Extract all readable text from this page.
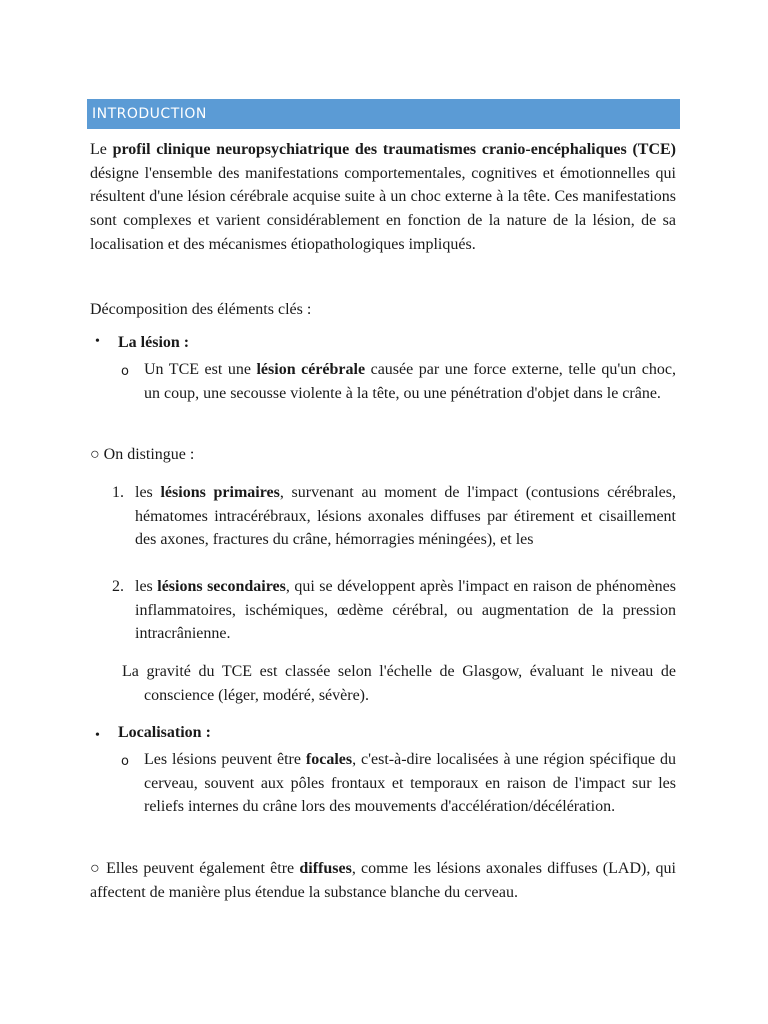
INTRODUCTION

Le profil clinique neuropsychiatrique des traumatismes cranio-encéphaliques (TCE) désigne l'ensemble des manifestations comportementales, cognitives et émotionnelles qui résultent d'une lésion cérébrale acquise suite à un choc externe à la tête. Ces manifestations sont complexes et varient considérablement en fonction de la nature de la lésion, de sa localisation et des mécanismes étiopathologiques impliqués.

Décomposition des éléments clés :

• La lésion :

o Un TCE est une lésion cérébrale causée par une force externe, telle qu'un choc, un coup, une secousse violente à la tête, ou une pénétration d'objet dans le crâne.

○ On distingue :

1. les lésions primaires, survenant au moment de l'impact (contusions cérébrales, hématomes intracérébraux, lésions axonales diffuses par étirement et cisaillement des axones, fractures du crâne, hémorragies méningées), et les

2. les lésions secondaires, qui se développent après l'impact en raison de phénomènes inflammatoires, ischémiques, œdème cérébral, ou augmentation de la pression intracrânienne.

La gravité du TCE est classée selon l'échelle de Glasgow, évaluant le niveau de conscience (léger, modéré, sévère).

• Localisation :

o Les lésions peuvent être focales, c'est-à-dire localisées à une région spécifique du cerveau, souvent aux pôles frontaux et temporaux en raison de l'impact sur les reliefs internes du crâne lors des mouvements d'accélération/décélération.

○ Elles peuvent également être diffuses, comme les lésions axonales diffuses (LAD), qui affectent de manière plus étendue la substance blanche du cerveau.
